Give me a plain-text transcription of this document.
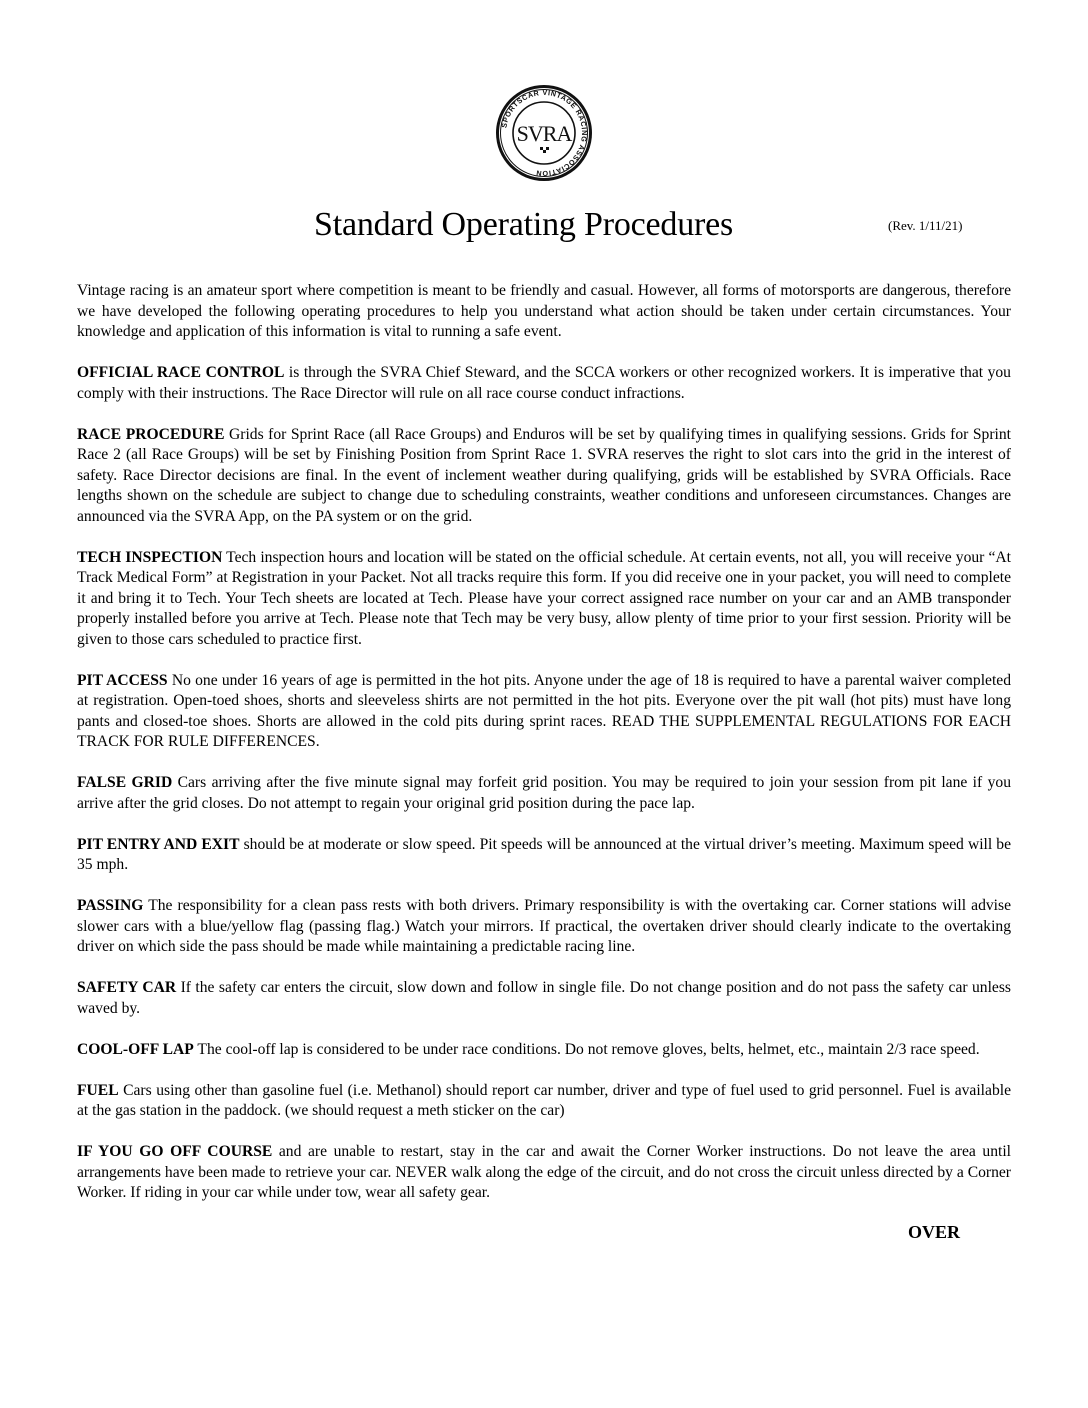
SPORTSCAR VINTAGE RACING ASSOCIATION
SVRA
Standard Operating Procedures	(Rev. 1/11/21)

Vintage racing is an amateur sport where competition is meant to be friendly and casual. However, all forms of motorsports are dangerous, therefore we have developed the following operating procedures to help you understand what action should be taken under certain circumstances. Your knowledge and application of this information is vital to running a safe event.

OFFICIAL RACE CONTROL is through the SVRA Chief Steward, and the SCCA workers or other recognized workers. It is imperative that you comply with their instructions. The Race Director will rule on all race course conduct infractions.

RACE PROCEDURE Grids for Sprint Race (all Race Groups) and Enduros will be set by qualifying times in qualifying sessions. Grids for Sprint Race 2 (all Race Groups) will be set by Finishing Position from Sprint Race 1. SVRA reserves the right to slot cars into the grid in the interest of safety. Race Director decisions are final. In the event of inclement weather during qualifying, grids will be established by SVRA Officials. Race lengths shown on the schedule are subject to change due to scheduling constraints, weather conditions and unforeseen circumstances. Changes are announced via the SVRA App, on the PA system or on the grid.

TECH INSPECTION Tech inspection hours and location will be stated on the official schedule. At certain events, not all, you will receive your “At Track Medical Form” at Registration in your Packet. Not all tracks require this form. If you did receive one in your packet, you will need to complete it and bring it to Tech. Your Tech sheets are located at Tech. Please have your correct assigned race number on your car and an AMB transponder properly installed before you arrive at Tech. Please note that Tech may be very busy, allow plenty of time prior to your first session. Priority will be given to those cars scheduled to practice first.

PIT ACCESS No one under 16 years of age is permitted in the hot pits. Anyone under the age of 18 is required to have a parental waiver completed at registration. Open-toed shoes, shorts and sleeveless shirts are not permitted in the hot pits. Everyone over the pit wall (hot pits) must have long pants and closed-toe shoes. Shorts are allowed in the cold pits during sprint races. READ THE SUPPLEMENTAL REGULATIONS FOR EACH TRACK FOR RULE DIFFERENCES.

FALSE GRID Cars arriving after the five minute signal may forfeit grid position. You may be required to join your session from pit lane if you arrive after the grid closes. Do not attempt to regain your original grid position during the pace lap.

PIT ENTRY AND EXIT should be at moderate or slow speed. Pit speeds will be announced at the virtual driver’s meeting. Maximum speed will be 35 mph.

PASSING The responsibility for a clean pass rests with both drivers. Primary responsibility is with the overtaking car. Corner stations will advise slower cars with a blue/yellow flag (passing flag.) Watch your mirrors. If practical, the overtaken driver should clearly indicate to the overtaking driver on which side the pass should be made while maintaining a predictable racing line.

SAFETY CAR If the safety car enters the circuit, slow down and follow in single file. Do not change position and do not pass the safety car unless waved by.

COOL-OFF LAP The cool-off lap is considered to be under race conditions. Do not remove gloves, belts, helmet, etc., maintain 2/3 race speed.

FUEL Cars using other than gasoline fuel (i.e. Methanol) should report car number, driver and type of fuel used to grid personnel. Fuel is available at the gas station in the paddock. (we should request a meth sticker on the car)

IF YOU GO OFF COURSE and are unable to restart, stay in the car and await the Corner Worker instructions. Do not leave the area until arrangements have been made to retrieve your car. NEVER walk along the edge of the circuit, and do not cross the circuit unless directed by a Corner Worker. If riding in your car while under tow, wear all safety gear.

OVER
